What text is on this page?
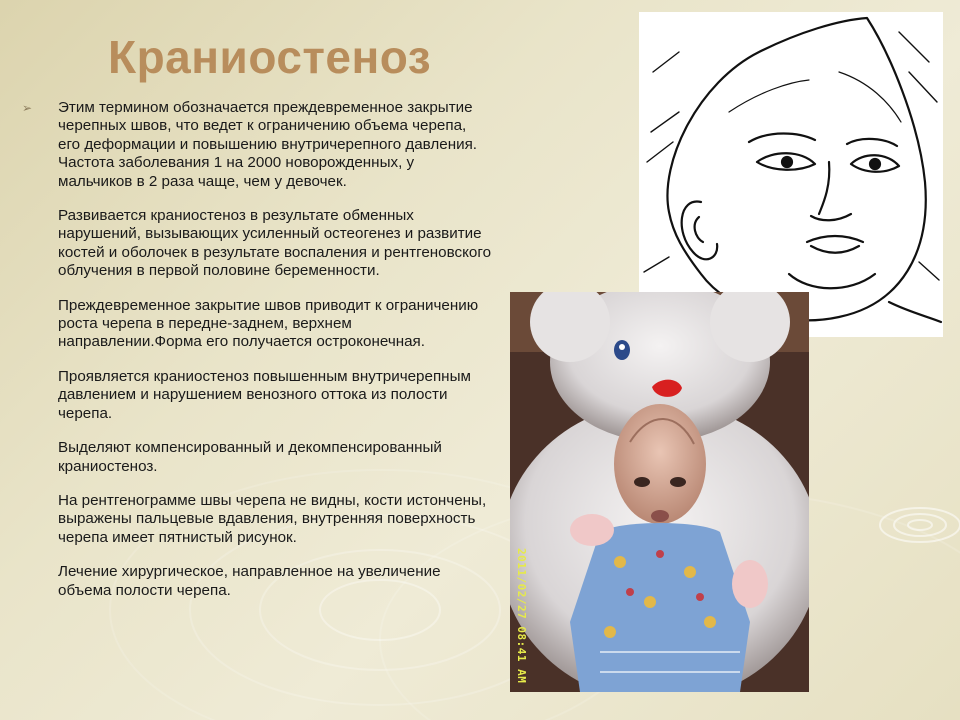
Краниостеноз

➢ Этим термином обозначается преждевременное закрытие черепных швов, что ведет к ограничению объема черепа, его деформации и повышению внутричерепного давления. Частота заболевания 1 на 2000 новорожденных, у мальчиков в 2 раза чаще, чем у девочек.

Развивается краниостеноз в результате обменных нарушений, вызывающих усиленный остеогенез и развитие костей и оболочек в результате воспаления и рентгеновского облучения в первой половине беременности.

Преждевременное закрытие швов приводит к ограничению роста черепа в передне-заднем, верхнем направлении.Форма его получается остроконечная.

Проявляется краниостеноз повышенным внутричерепным давлением и нарушением венозного оттока из полости черепа.

Выделяют компенсированный и декомпенсированный краниостеноз.

На рентгенограмме швы черепа не видны, кости истончены, выражены пальцевые вдавления, внутренняя поверхность черепа имеет пятнистый рисунок.

Лечение хирургическое, направленное на увеличение объема полости черепа.	2011/02/27 08:41 AM
